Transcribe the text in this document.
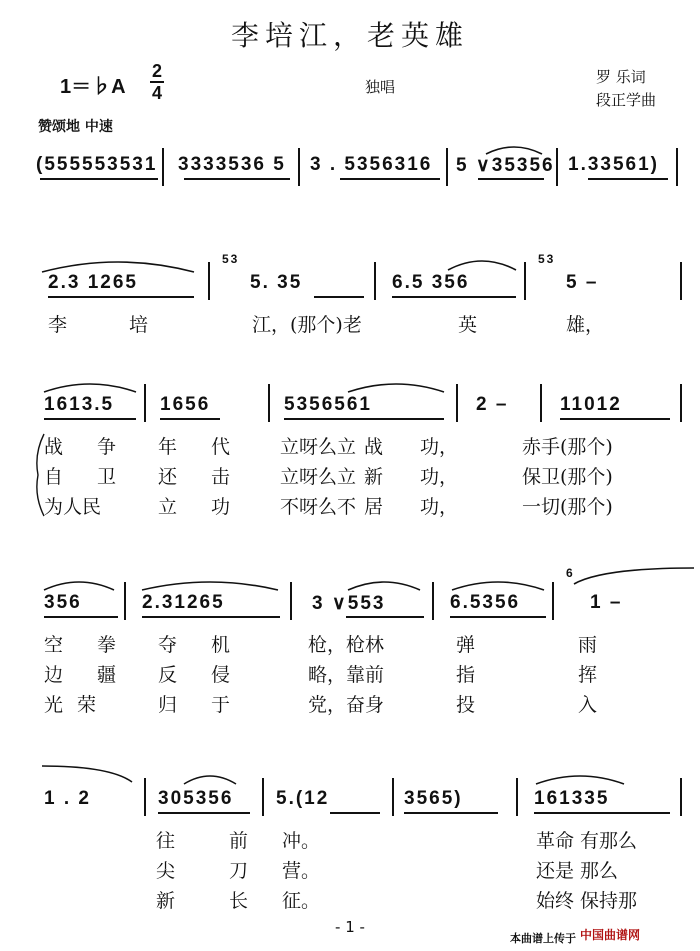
李培江，老英雄
1＝♭A
2
4	独唱
罗 乐词
段正学曲
赞颂地 中速
(555553531 3333536 5 3 . 5356316 5 ∨35356 1.33561)
53	53
2.3 1265	5. 35	6.5 356	5 –
李 培	江，(那个)老	英	雄，
1613.5 1656	5356561	2 –	11012
战 争 年 代 立呀么立 战 功，	赤手(那个)
自 卫 还 击 立呀么立 新 功，	保卫(那个)
为人民	立 功 不呀么不 居 功，	一切(那个)
6
356	2.31265	3 ∨553	6.5356	1 –
空 拳 夺 机	枪，枪林	弹	雨
边 疆 反 侵	略，靠前	指	挥
光荣	归 于	党，奋身	投	入
1 . 2	305356 5.(12	3565)	161335
往 前 冲。	革命 有那么
尖 刀 营。	还是 那么
新 长 征。	始终 保持那
- 1 -
本曲谱上传于 中国曲谱网
